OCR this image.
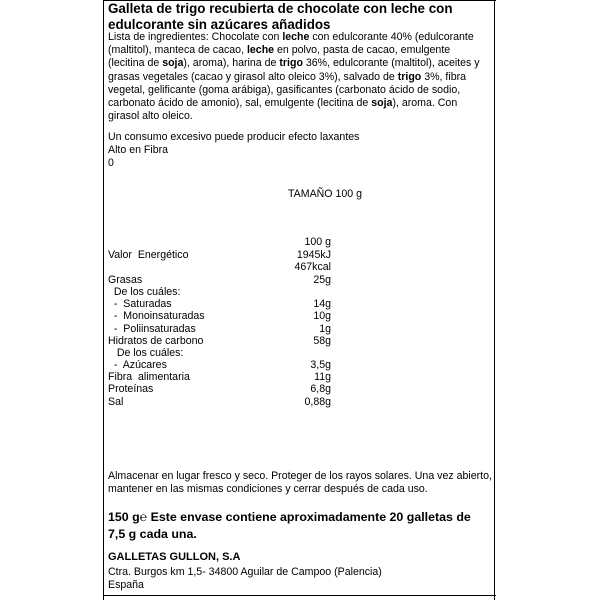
Galleta de trigo recubierta de chocolate con leche con
edulcorante sin azúcares añadidos
Lista de ingredientes: Chocolate con leche con edulcorante 40% (edulcorante
(maltitol), manteca de cacao, leche en polvo, pasta de cacao, emulgente
(lecitina de soja), aroma), harina de trigo 36%, edulcorante (maltitol), aceites y
grasas vegetales (cacao y girasol alto oleico 3%), salvado de trigo 3%, fibra
vegetal, gelificante (goma arábiga), gasificantes (carbonato ácido de sodio,
carbonato ácido de amonio), sal, emulgente (lecitina de soja), aroma. Con
girasol alto oleico.
Un consumo excesivo puede producir efecto laxantes
Alto en Fibra
0
TAMAÑO 100 g
100 g
Valor  Energético	1945kJ
467kcal
Grasas	25g
De los cuáles:
-  Saturadas	14g
-  Monoinsaturadas	10g
-  Poliinsaturadas	1g
Hidratos de carbono	58g
De los cuáles:
-  Azúcares	3,5g
Fibra  alimentaria	11g
Proteínas	6,8g
Sal	0,88g
Almacenar en lugar fresco y seco. Proteger de los rayos solares. Una vez abierto,
mantener en las mismas condiciones y cerrar después de cada uso.
150 g℮ Este envase contiene aproximadamente 20 galletas de
7,5 g cada una.
GALLETAS GULLON, S.A
Ctra. Burgos km 1,5- 34800 Aguilar de Campoo (Palencia)
España
